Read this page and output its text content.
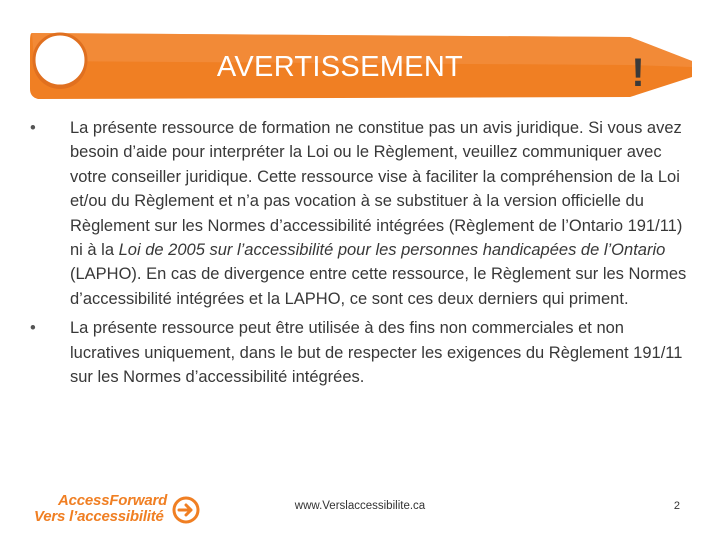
AVERTISSEMENT	!
•	La présente ressource de formation ne constitue pas un avis juridique. Si vous avez besoin d’aide pour interpréter la Loi ou le Règlement, veuillez communiquer avec votre conseiller juridique. Cette ressource vise à faciliter la compréhension de la Loi et/ou du Règlement et n’a pas vocation à se substituer à la version officielle du Règlement sur les Normes d’accessibilité intégrées (Règlement de l’Ontario 191/11) ni à la Loi de 2005 sur l’accessibilité pour les personnes handicapées de l’Ontario (LAPHO). En cas de divergence entre cette ressource, le Règlement sur les Normes d’accessibilité intégrées et la LAPHO, ce sont ces deux derniers qui priment.
•	La présente ressource peut être utilisée à des fins non commerciales et non lucratives uniquement, dans le but de respecter les exigences du Règlement 191/11 sur les Normes d’accessibilité intégrées.
AccessForward
Vers l’accessibilité
www.Verslaccessibilite.ca	2
